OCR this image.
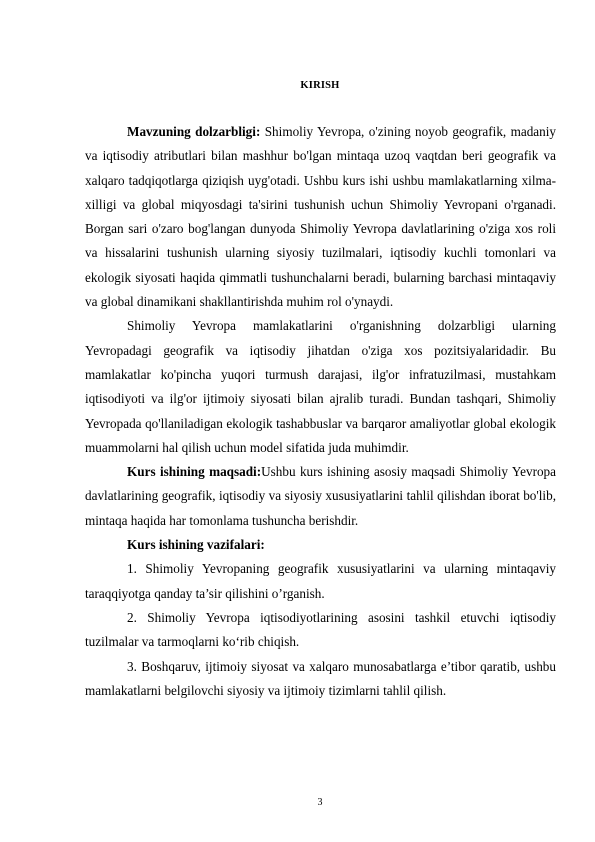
KIRISH

Mavzuning dolzarbligi: Shimoliy Yevropa, o'zining noyob geografik, madaniy va iqtisodiy atributlari bilan mashhur bo'lgan mintaqa uzoq vaqtdan beri geografik va xalqaro tadqiqotlarga qiziqish uyg'otadi. Ushbu kurs ishi ushbu mamlakatlarning xilma-xilligi va global miqyosdagi ta'sirini tushunish uchun Shimoliy Yevropani o'rganadi. Borgan sari o'zaro bog'langan dunyoda Shimoliy Yevropa davlatlarining o'ziga xos roli va hissalarini tushunish ularning siyosiy tuzilmalari, iqtisodiy kuchli tomonlari va ekologik siyosati haqida qimmatli tushunchalarni beradi, bularning barchasi mintaqaviy va global dinamikani shakllantirishda muhim rol o'ynaydi.

Shimoliy Yevropa mamlakatlarini o'rganishning dolzarbligi ularning Yevropadagi geografik va iqtisodiy jihatdan o'ziga xos pozitsiyalaridadir. Bu mamlakatlar ko'pincha yuqori turmush darajasi, ilg'or infratuzilmasi, mustahkam iqtisodiyoti va ilg'or ijtimoiy siyosati bilan ajralib turadi. Bundan tashqari, Shimoliy Yevropada qo'llaniladigan ekologik tashabbuslar va barqaror amaliyotlar global ekologik muammolarni hal qilish uchun model sifatida juda muhimdir.

Kurs ishining maqsadi:Ushbu kurs ishining asosiy maqsadi Shimoliy Yevropa davlatlarining geografik, iqtisodiy va siyosiy xususiyatlarini tahlil qilishdan iborat bo'lib, mintaqa haqida har tomonlama tushuncha berishdir.

Kurs ishining vazifalari:

1. Shimoliy Yevropaning geografik xususiyatlarini va ularning mintaqaviy taraqqiyotga qanday ta’sir qilishini o’rganish.

2. Shimoliy Yevropa iqtisodiyotlarining asosini tashkil etuvchi iqtisodiy tuzilmalar va tarmoqlarni ko‘rib chiqish.

3. Boshqaruv, ijtimoiy siyosat va xalqaro munosabatlarga e’tibor qaratib, ushbu mamlakatlarni belgilovchi siyosiy va ijtimoiy tizimlarni tahlil qilish.

3
